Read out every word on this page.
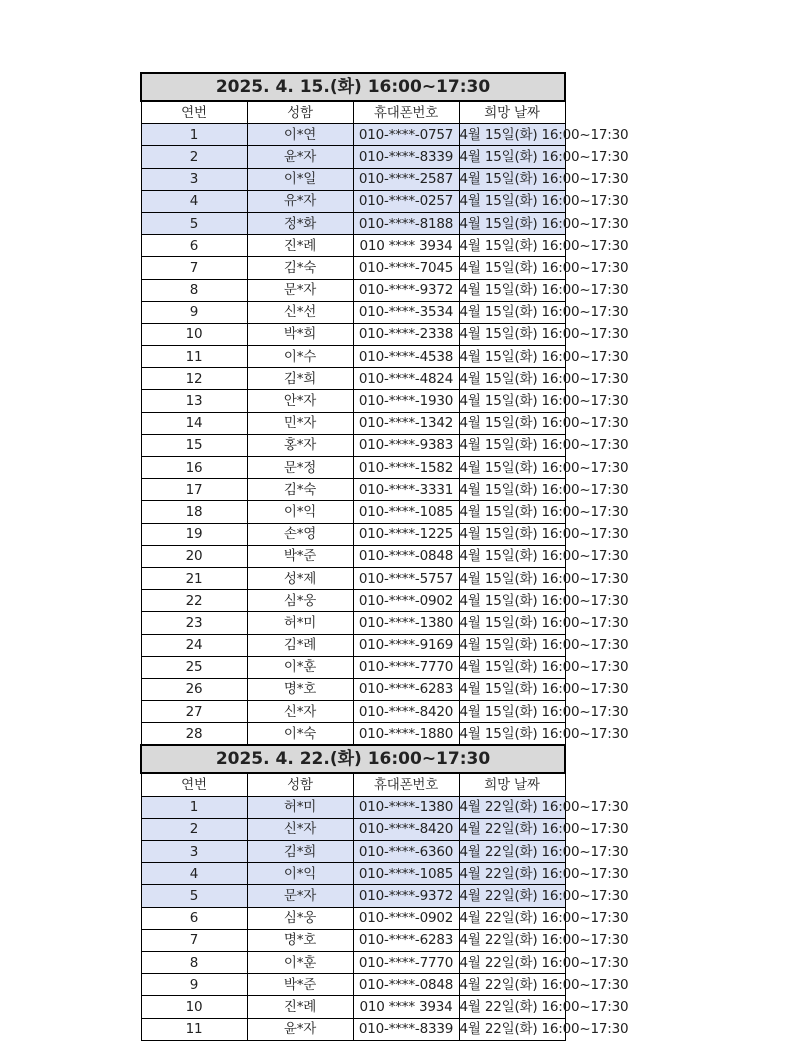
2025. 4. 15.(화) 16:00~17:30			
연번	성함	휴대폰번호	희망 날짜
1	이*연	010-****-0757	4월 15일(화) 16:00~17:30
2	윤*자	010-****-8339	4월 15일(화) 16:00~17:30
3	이*일	010-****-2587	4월 15일(화) 16:00~17:30
4	유*자	010-****-0257	4월 15일(화) 16:00~17:30
5	정*화	010-****-8188	4월 15일(화) 16:00~17:30
6	진*례	010 **** 3934	4월 15일(화) 16:00~17:30
7	김*숙	010-****-7045	4월 15일(화) 16:00~17:30
8	문*자	010-****-9372	4월 15일(화) 16:00~17:30
9	신*선	010-****-3534	4월 15일(화) 16:00~17:30
10	박*희	010-****-2338	4월 15일(화) 16:00~17:30
11	이*수	010-****-4538	4월 15일(화) 16:00~17:30
12	김*희	010-****-4824	4월 15일(화) 16:00~17:30
13	안*자	010-****-1930	4월 15일(화) 16:00~17:30
14	민*자	010-****-1342	4월 15일(화) 16:00~17:30
15	홍*자	010-****-9383	4월 15일(화) 16:00~17:30
16	문*정	010-****-1582	4월 15일(화) 16:00~17:30
17	김*숙	010-****-3331	4월 15일(화) 16:00~17:30
18	이*익	010-****-1085	4월 15일(화) 16:00~17:30
19	손*영	010-****-1225	4월 15일(화) 16:00~17:30
20	박*준	010-****-0848	4월 15일(화) 16:00~17:30
21	성*제	010-****-5757	4월 15일(화) 16:00~17:30
22	심*웅	010-****-0902	4월 15일(화) 16:00~17:30
23	허*미	010-****-1380	4월 15일(화) 16:00~17:30
24	김*례	010-****-9169	4월 15일(화) 16:00~17:30
25	이*훈	010-****-7770	4월 15일(화) 16:00~17:30
26	명*호	010-****-6283	4월 15일(화) 16:00~17:30
27	신*자	010-****-8420	4월 15일(화) 16:00~17:30
28	이*숙	010-****-1880	4월 15일(화) 16:00~17:30
2025. 4. 22.(화) 16:00~17:30			
연번	성함	휴대폰번호	희망 날짜
1	허*미	010-****-1380	4월 22일(화) 16:00~17:30
2	신*자	010-****-8420	4월 22일(화) 16:00~17:30
3	김*희	010-****-6360	4월 22일(화) 16:00~17:30
4	이*익	010-****-1085	4월 22일(화) 16:00~17:30
5	문*자	010-****-9372	4월 22일(화) 16:00~17:30
6	심*웅	010-****-0902	4월 22일(화) 16:00~17:30
7	명*호	010-****-6283	4월 22일(화) 16:00~17:30
8	이*훈	010-****-7770	4월 22일(화) 16:00~17:30
9	박*준	010-****-0848	4월 22일(화) 16:00~17:30
10	진*례	010 **** 3934	4월 22일(화) 16:00~17:30
11	윤*자	010-****-8339	4월 22일(화) 16:00~17:30
